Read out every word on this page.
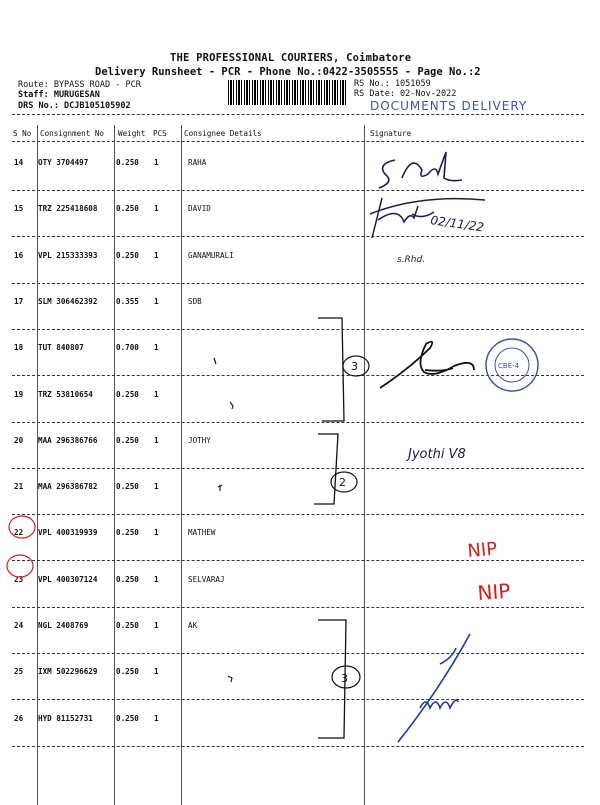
THE PROFESSIONAL COURIERS, Coimbatore
Delivery Runsheet - PCR - Phone No.:0422-3505555 - Page No.:2
Route: BYPASS ROAD - PCR
Staff: MURUGESAN
DRS No.: DCJB105105902
RS No.: 1051059
RS Date: 02-Nov-2022
DOCUMENTS DELIVERY
S No Consignment No Weight PCS Consignee Details	Signature
14 OTY 3704497	0.250 1	RAHA
15 TRZ 225418608 0.250 1	DAVID
16 VPL 215333393 0.250 1	GANAMURALI
17 SLM 306462392 0.355 1	SDB
18 TUT 840807	0.700 1
19 TRZ 53810654	0.250 1
20 MAA 296386766 0.250 1	JOTHY
21 MAA 296386782 0.250 1
22 VPL 400319939 0.250 1	MATHEW
23 VPL 400307124 0.250 1	SELVARAJ
24 NGL 2408769	0.250 1	AK
25 IXM 502296629 0.250 1
26 HYD 81152731	0.250 1
02/11/22
s.Rhd.
3	CBE-4
2
Jyothi V8
NIP
NIP
3
